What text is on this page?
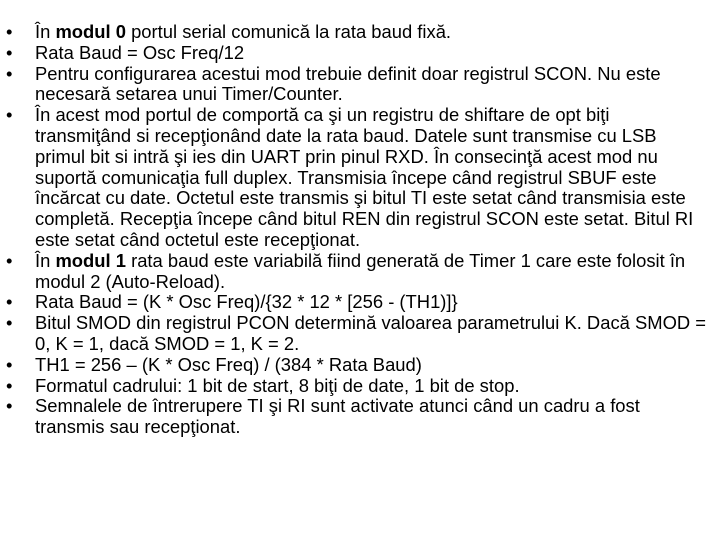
• În modul 0 portul serial comunică la rata baud fixă.
• Rata Baud = Osc Freq/12
• Pentru configurarea acestui mod trebuie definit doar registrul SCON. Nu este necesară setarea unui Timer/Counter.
• În acest mod portul de comportă ca şi un registru de shiftare de opt biţi transmiţând si recepţionând date la rata baud. Datele sunt transmise cu LSB primul bit si intră şi ies din UART prin pinul RXD. În consecinţă acest mod nu suportă comunicaţia full duplex. Transmisia începe când registrul SBUF este încărcat cu date. Octetul este transmis şi bitul TI este setat când transmisia este completă. Recepţia începe când bitul REN din registrul SCON este setat. Bitul RI este setat când octetul este recepţionat.
• În modul 1 rata baud este variabilă fiind generată de Timer 1 care este folosit în modul 2 (Auto-Reload).
• Rata Baud = (K * Osc Freq)/{32 * 12 * [256 - (TH1)]}
• Bitul SMOD din registrul PCON determină valoarea parametrului K. Dacă SMOD = 0, K = 1, dacă SMOD = 1, K = 2.
• TH1 = 256 – (K * Osc Freq) / (384 * Rata Baud)
• Formatul cadrului: 1 bit de start, 8 biţi de date, 1 bit de stop.
• Semnalele de întrerupere TI şi RI sunt activate atunci când un cadru a fost transmis sau recepţionat.
